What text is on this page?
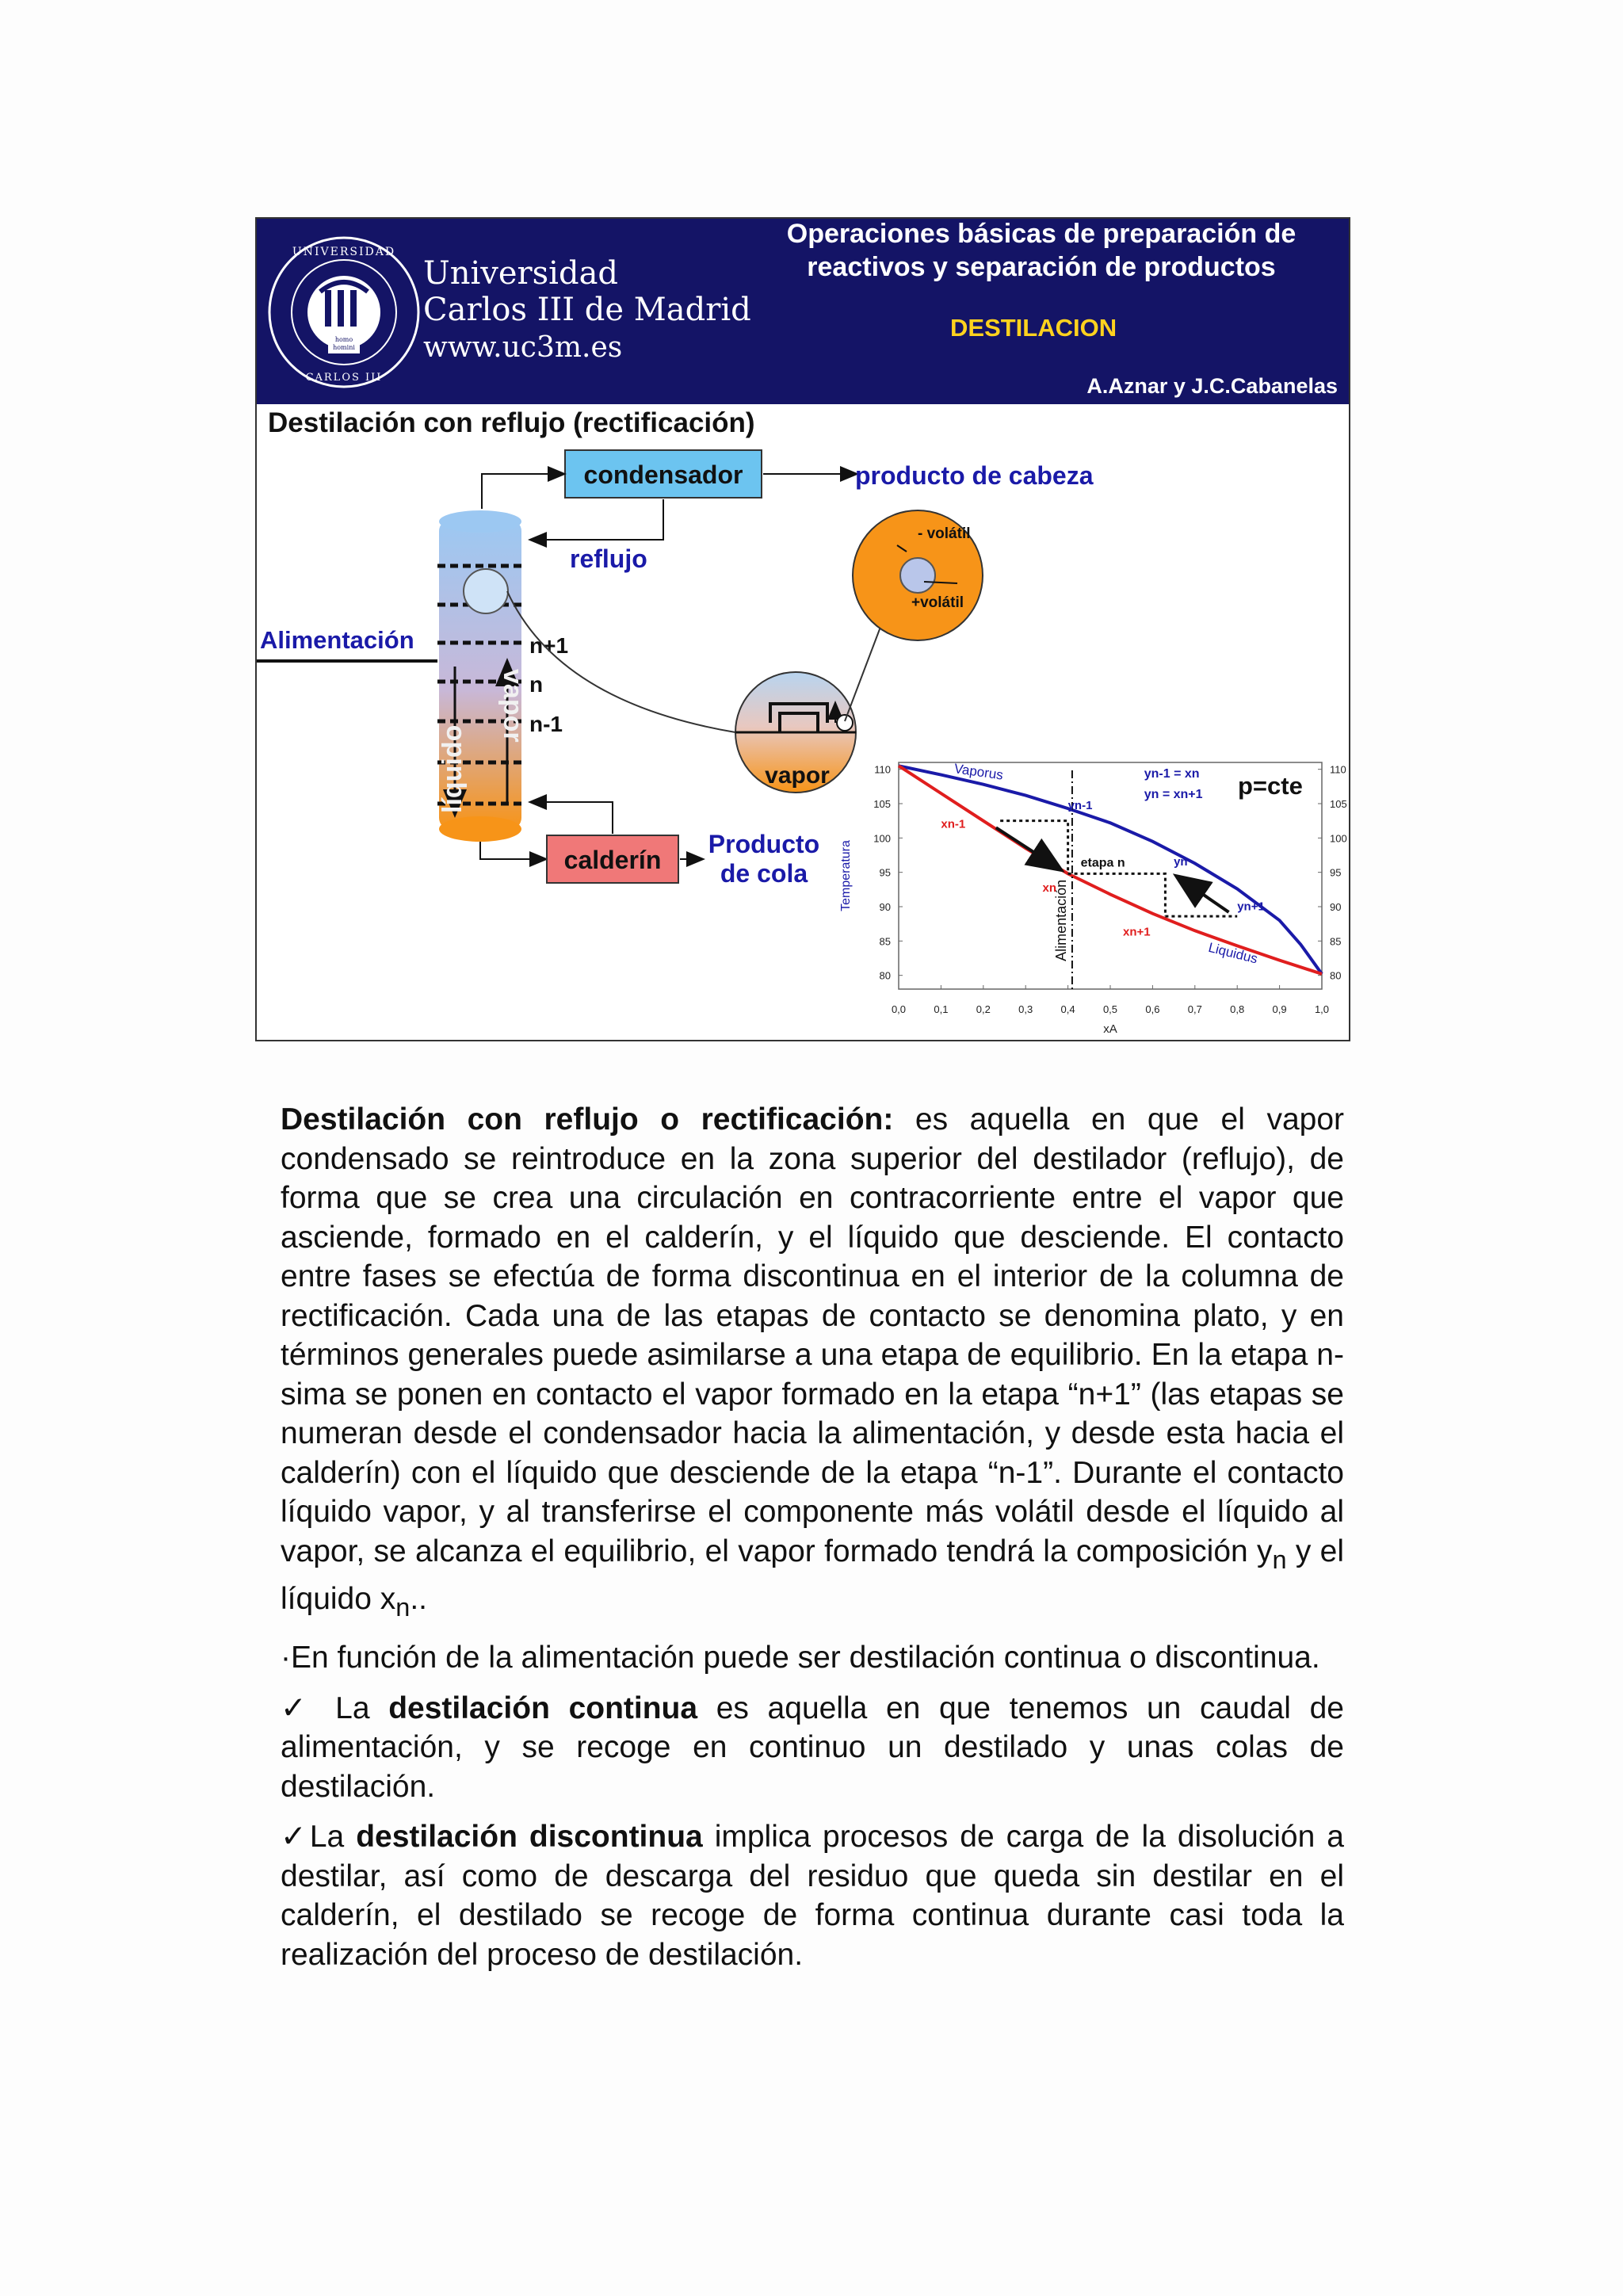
homo
homini
UNIVERSIDAD
CARLOS III
Universidad
Carlos III de Madrid
www.uc3m.es
Operaciones básicas de preparación de
reactivos y separación de productos
DESTILACION
A.Aznar y J.C.Cabanelas
Destilación con reflujo (rectificación)
condensador	producto de cabeza
reflujo
líquido
vapor
n+1
n
n-1
Alimentación
calderín
Producto
de cola
vapor
- volátil
+volátil
0,0	0,1	0,2	0,3	0,4	0,5	0,6	0,7	0,8	0,9	1,0
80	80
85	85
90	90
95	95
100	100
105	105
110	110
xA
Temperatura
p=cte
Vaporus
Liquidus
Alimentación
yn-1
xn-1
etapa n
xn
yn
yn+1
xn+1
yn-1 = xn
yn = xn+1

Destilación con reflujo o rectificación: es aquella en que el vapor condensado se reintroduce en la zona superior del destilador (reflujo), de forma que se crea una circulación en contracorriente entre el vapor que asciende, formado en el calderín, y el líquido que desciende. El contacto entre fases se efectúa de forma discontinua en el interior de la columna de rectificación. Cada una de las etapas de contacto se denomina plato, y en términos generales puede asimilarse a una etapa de equilibrio. En la etapa n-sima se ponen en contacto el vapor formado en la etapa “n+1” (las etapas se numeran desde el condensador hacia la alimentación, y desde esta hacia el calderín) con el líquido que desciende de la etapa “n-1”. Durante el contacto líquido vapor, y al transferirse el componente más volátil desde el líquido al vapor, se alcanza el equilibrio, el vapor formado tendrá la composición $y_n$ y el líquido $x_n$..

·En función de la alimentación puede ser destilación continua o discontinua.

✓ La destilación continua es aquella en que tenemos un caudal de alimentación, y se recoge en continuo un destilado y unas colas de destilación.

✓La destilación discontinua implica procesos de carga de la disolución a destilar, así como de descarga del residuo que queda sin destilar en el calderín, el destilado se recoge de forma continua durante casi toda la realización del proceso de destilación.
